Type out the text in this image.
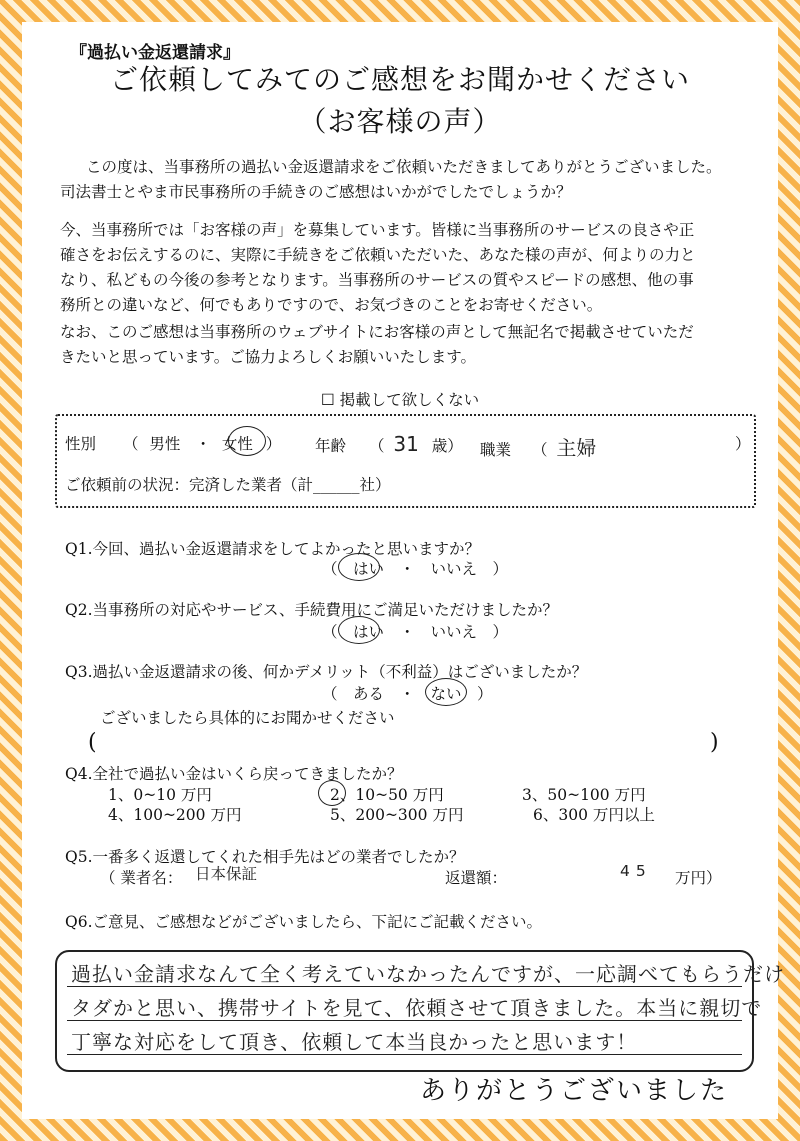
『過払い金返還請求』
ご依頼してみてのご感想をお聞かせください
（お客様の声）
この度は、当事務所の過払い金返還請求をご依頼いただきましてありがとうございました。
司法書士とやま市民事務所の手続きのご感想はいかがでしたでしょうか？
今、当事務所では「お客様の声」を募集しています。皆様に当事務所のサービスの良さや正
確さをお伝えするのに、実際に手続きをご依頼いただいた、あなた様の声が、何よりの力と
なり、私どもの今後の参考となります。当事務所のサービスの質やスピードの感想、他の事
務所との違いなど、何でもありですので、お気づきのことをお寄せください。
なお、このご感想は当事務所のウェブサイトにお客様の声として無記名で掲載させていただ
きたいと思っています。ご協力よろしくお願いいたします。
☐ 掲載して欲しくない
性別 （ 男性 ・ 女性 ） 年齢 （ 31 歳） 職業 （ 主婦	）
ご依頼前の状況：完済した業者（計______社）
Q1.今回、過払い金返還請求をしてよかったと思いますか？
（　はい　・　いいえ　）
Q2.当事務所の対応やサービス、手続費用にご満足いただけましたか？
（　はい　・　いいえ　）
Q3.過払い金返還請求の後、何かデメリット（不利益）はございましたか？
（　ある　・　ない　）
ございましたら具体的にお聞かせください
(	)
Q4.全社で過払い金はいくら戻ってきましたか？
1、0~10 万円	2、10~50 万円	3、50~100 万円
4、100~200 万円	5、200~300 万円	6、300 万円以上
Q5.一番多く返還してくれた相手先はどの業者でしたか？
（ 業者名： 日本保証	返還額：	45 万円）
Q6.ご意見、ご感想などがございましたら、下記にご記載ください。
過払い金請求なんて全く考えていなかったんですが、一応調べてもらうだけ
タダかと思い、携帯サイトを見て、依頼させて頂きました。本当に親切で
丁寧な対応をして頂き、依頼して本当良かったと思います！
ありがとうございました
